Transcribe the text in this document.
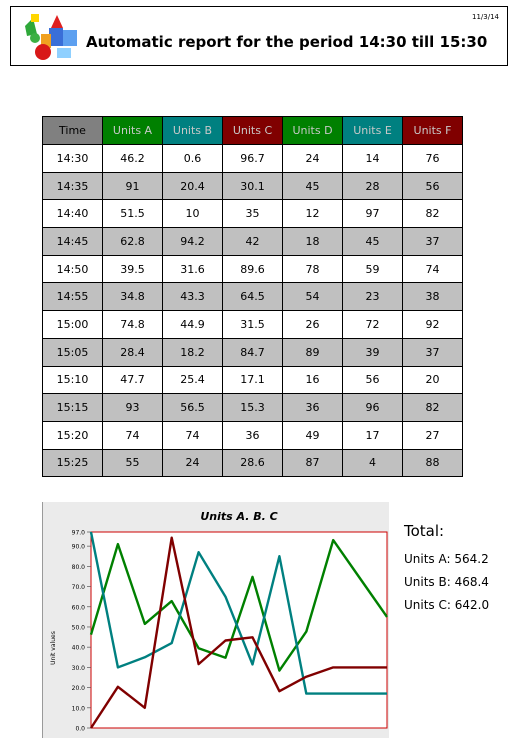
11/3/14
Automatic report for the period 14:30 till 15:30
Time	Units A	Units B	Units C	Units D	Units E	Units F
14:30	46.2	0.6	96.7	24	14	76
14:35	91	20.4	30.1	45	28	56
14:40	51.5	10	35	12	97	82
14:45	62.8	94.2	42	18	45	37
14:50	39.5	31.6	89.6	78	59	74
14:55	34.8	43.3	64.5	54	23	38
15:00	74.8	44.9	31.5	26	72	92
15:05	28.4	18.2	84.7	89	39	37
15:10	47.7	25.4	17.1	16	56	20
15:15	93	56.5	15.3	36	96	82
15:20	74	74	36	49	17	27
15:25	55	24	28.6	87	4	88
Units A. B. C
97.0
90.0
80.0
70.0
60.0
50.0
40.0
30.0
20.0
10.0
0.0
Unit values
Total:
Units A: 564.2
Units B: 468.4
Units C: 642.0
